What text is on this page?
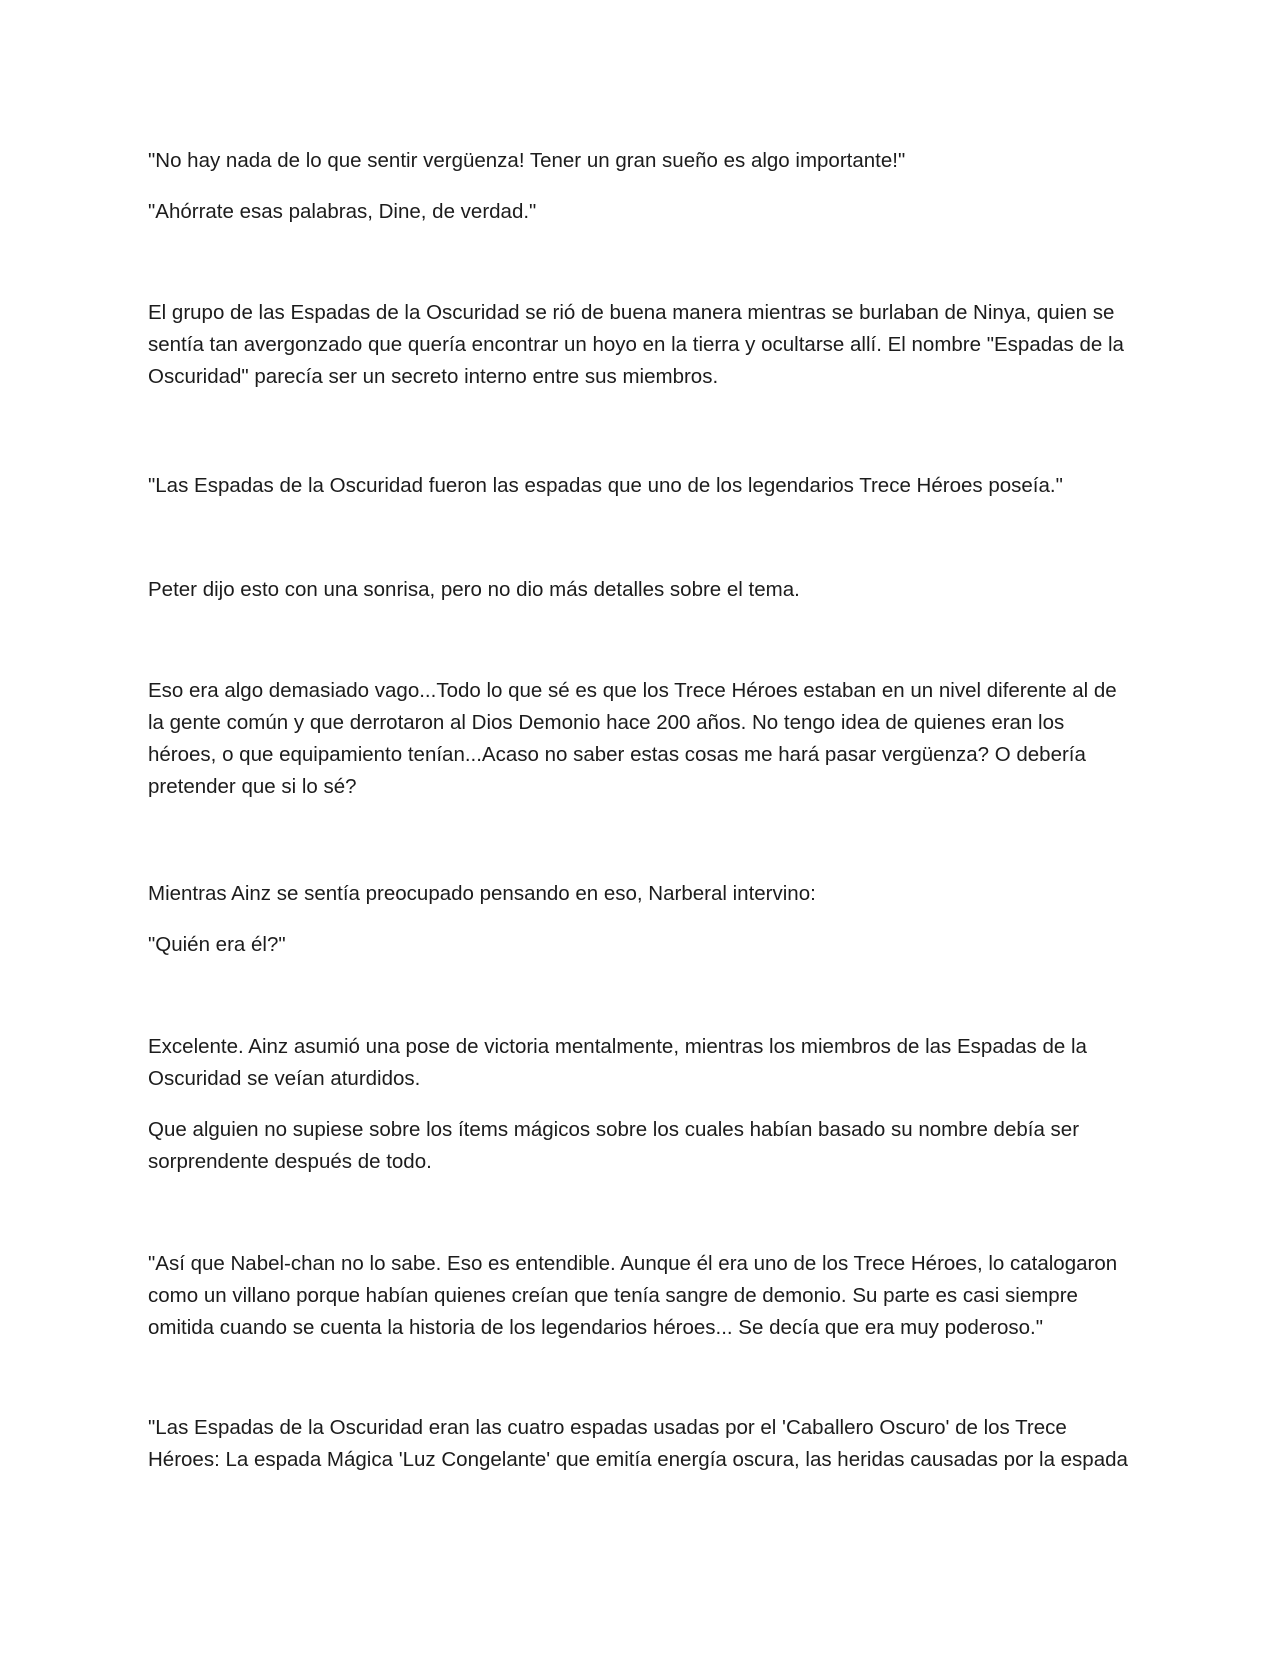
"No hay nada de lo que sentir vergüenza! Tener un gran sueño es algo importante!"

"Ahórrate esas palabras, Dine, de verdad."

El grupo de las Espadas de la Oscuridad se rió de buena manera mientras se burlaban de Ninya, quien se sentía tan avergonzado que quería encontrar un hoyo en la tierra y ocultarse allí. El nombre "Espadas de la Oscuridad" parecía ser un secreto interno entre sus miembros.

"Las Espadas de la Oscuridad fueron las espadas que uno de los legendarios Trece Héroes poseía."

Peter dijo esto con una sonrisa, pero no dio más detalles sobre el tema.

Eso era algo demasiado vago...Todo lo que sé es que los Trece Héroes estaban en un nivel diferente al de la gente común y que derrotaron al Dios Demonio hace 200 años. No tengo idea de quienes eran los héroes, o que equipamiento tenían...Acaso no saber estas cosas me hará pasar vergüenza? O debería pretender que si lo sé?

Mientras Ainz se sentía preocupado pensando en eso, Narberal intervino:

"Quién era él?"

Excelente. Ainz asumió una pose de victoria mentalmente, mientras los miembros de las Espadas de la Oscuridad se veían aturdidos.

Que alguien no supiese sobre los ítems mágicos sobre los cuales habían basado su nombre debía ser sorprendente después de todo.

"Así que Nabel-chan no lo sabe. Eso es entendible. Aunque él era uno de los Trece Héroes, lo catalogaron como un villano porque habían quienes creían que tenía sangre de demonio. Su parte es casi siempre omitida cuando se cuenta la historia de los legendarios héroes... Se decía que era muy poderoso."

"Las Espadas de la Oscuridad eran las cuatro espadas usadas por el 'Caballero Oscuro' de los Trece Héroes: La espada Mágica 'Luz Congelante' que emitía energía oscura, las heridas causadas por la espada
